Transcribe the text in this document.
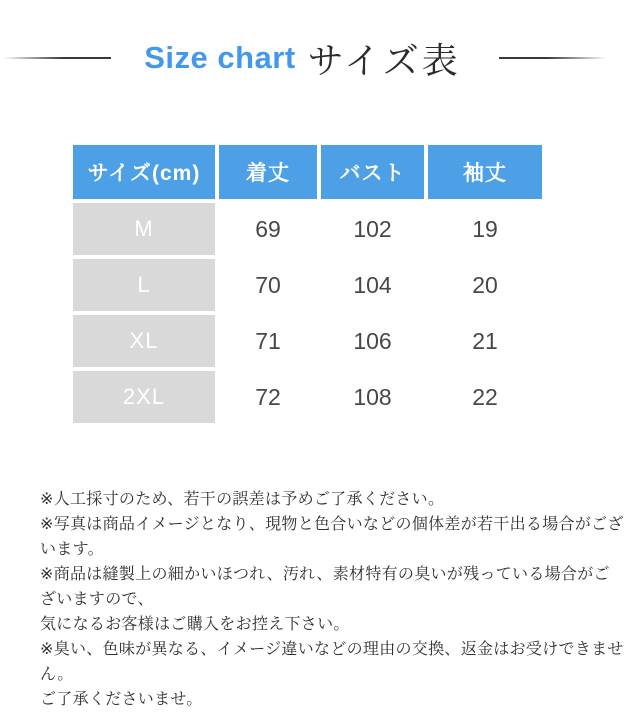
Size chart サイズ表
サイズ(cm)	着丈	バスト	袖丈
M	69	102	19
L	70	104	20
XL	71	106	21
2XL	72	108	22
※人工採寸のため、若干の誤差は予めご了承ください。
※写真は商品イメージとなり、現物と色合いなどの個体差が若干出る場合がございます。
※商品は縫製上の細かいほつれ、汚れ、素材特有の臭いが残っている場合がございますので、
気になるお客様はご購入をお控え下さい。
※臭い、色味が異なる、イメージ違いなどの理由の交換、返金はお受けできません。
ご了承くださいませ。
